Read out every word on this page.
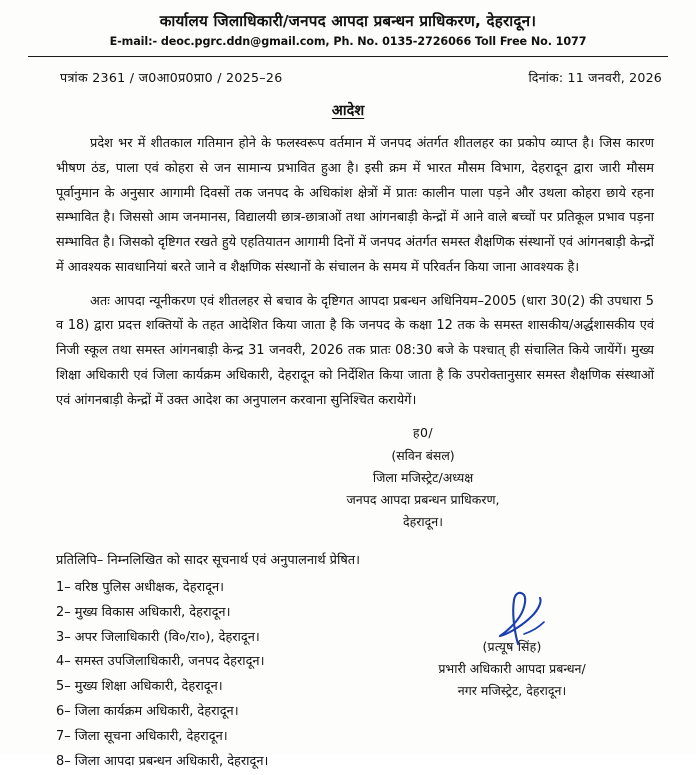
कार्यालय जिलाधिकारी/जनपद आपदा प्रबन्धन प्राधिकरण, देहरादून।
E-mail:- deoc.pgrc.ddn@gmail.com, Ph. No. 0135-2726066 Toll Free No. 1077
पत्रांक 2361 / ज0आ0प्र0प्रा0 / 2025–26	दिनांक: 11 जनवरी, 2026
आदेश

प्रदेश भर में शीतकाल गतिमान होने के फलस्वरूप वर्तमान में जनपद अंतर्गत शीतलहर का प्रकोप व्याप्त है। जिस कारण भीषण ठंड, पाला एवं कोहरा से जन सामान्य प्रभावित हुआ है। इसी क्रम में भारत मौसम विभाग, देहरादून द्वारा जारी मौसम पूर्वानुमान के अनुसार आगामी दिवसों तक जनपद के अधिकांश क्षेत्रों में प्रातः कालीन पाला पड़ने और उथला कोहरा छाये रहना सम्भावित है। जिससो आम जनमानस, विद्यालयी छात्र-छात्राओं तथा आंगनबाड़ी केन्द्रों में आने वाले बच्चों पर प्रतिकूल प्रभाव पड़ना सम्भावित है। जिसको दृष्टिगत रखते हुये एहतियातन आगामी दिनों में जनपद अंतर्गत समस्त शैक्षणिक संस्थानों एवं आंगनबाड़ी केन्द्रों में आवश्यक सावधानियां बरते जाने व शैक्षणिक संस्थानों के संचालन के समय में परिवर्तन किया जाना आवश्यक है।

अतः आपदा न्यूनीकरण एवं शीतलहर से बचाव के दृष्टिगत आपदा प्रबन्धन अधिनियम–2005 (धारा 30(2) की उपधारा 5 व 18) द्वारा प्रदत्त शक्तियों के तहत आदेशित किया जाता है कि जनपद के कक्षा 12 तक के समस्त शासकीय/अर्द्धशासकीय एवं निजी स्कूल तथा समस्त आंगनबाड़ी केन्द्र 31 जनवरी, 2026 तक प्रातः 08:30 बजे के पश्चात् ही संचालित किये जायेंगें। मुख्य शिक्षा अधिकारी एवं जिला कार्यक्रम अधिकारी, देहरादून को निर्देशित किया जाता है कि उपरोक्तानुसार समस्त शैक्षणिक संस्थाओं एवं आंगनबाड़ी केन्द्रों में उक्त आदेश का अनुपालन करवाना सुनिश्चित करायेगें।

ह0/
(सविन बंसल)
जिला मजिस्ट्रेट/अध्यक्ष
जनपद आपदा प्रबन्धन प्राधिकरण,
देहरादून।
प्रतिलिपि– निम्नलिखित को सादर सूचनार्थ एवं अनुपालनार्थ प्रेषित।
1– वरिष्ठ पुलिस अधीक्षक, देहरादून।
2– मुख्य विकास अधिकारी, देहरादून।
3– अपर जिलाधिकारी (वि०/रा०), देहरादून।
4– समस्त उपजिलाधिकारी, जनपद देहरादून।
5– मुख्य शिक्षा अधिकारी, देहरादून।
6– जिला कार्यक्रम अधिकारी, देहरादून।
7– जिला सूचना अधिकारी, देहरादून।
8– जिला आपदा प्रबन्धन अधिकारी, देहरादून।
(प्रत्यूष सिंह)
प्रभारी अधिकारी आपदा प्रबन्धन/
नगर मजिस्ट्रेट, देहरादून।
